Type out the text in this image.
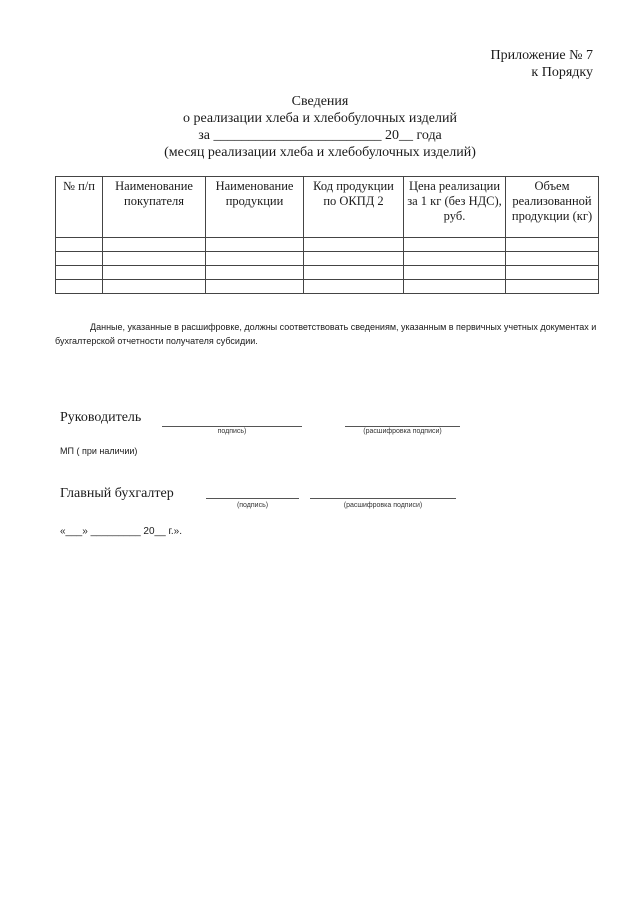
Приложение № 7
к Порядку
Сведения
о реализации хлеба и хлебобулочных изделий
за ________________________ 20__ года
(месяц реализации хлеба и хлебобулочных изделий)
№ п/п	Наименование покупателя	Наименование продукции	Код продукции по ОКПД 2	Цена реализации за 1 кг (без НДС), руб.	Объем реализованной продукции (кг)

Данные, указанные в расшифровке, должны соответствовать сведениям, указанным в первичных учетных документах и бухгалтерской отчетности получателя субсидии.
Руководитель
подпись)	(расшифровка подписи)
МП ( при наличии)
Главный бухгалтер
(подпись)	(расшифровка подписи)
«___» _________ 20__ г.».
